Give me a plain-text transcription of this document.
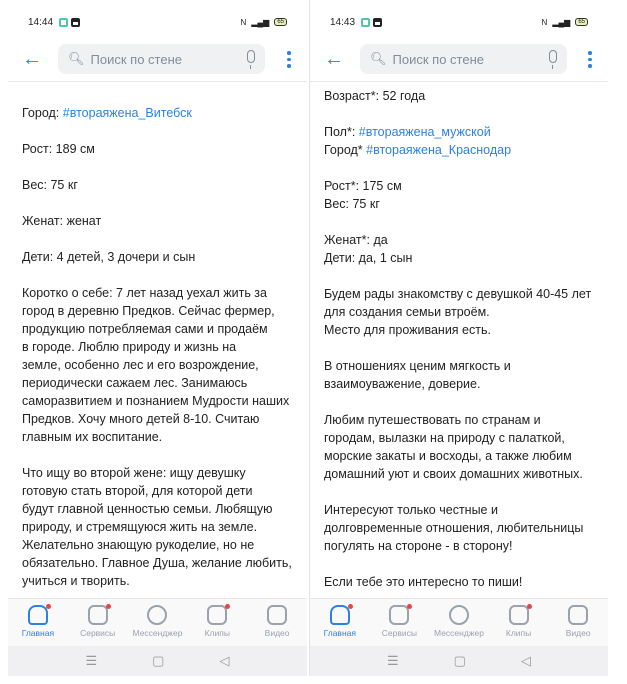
14:44	N ▂▄▆	65
← 🔍︎ Поиск по стене
Город: #втораяжена_Витебск
Рост: 189 см
Вес: 75 кг
Женат: женат
Дети: 4 детей, 3 дочери и сын
Коротко о себе: 7 лет назад уехал жить за
город в деревню Предков. Сейчас фермер,
продукцию потребляемая сами и продаём
в городе. Люблю природу и жизнь на
земле, особенно лес и его возрождение,
периодически сажаем лес. Занимаюсь
саморазвитием и познанием Мудрости наших
Предков. Хочу много детей 8-10. Считаю
главным их воспитание.
Что ищу во второй жене: ищу девушку
готовую стать второй, для которой дети
будут главной ценностью семьи. Любящую
природу, и стремящуюся жить на земле.
Желательно знающую рукоделие, но не
обязательно. Главное Душа, желание любить,
учиться и творить.
Главная	Сервисы Мессенджер	Клипы	Видео
☰	▢	◁
14:43	N ▂▄▆	65
← 🔍︎ Поиск по стене
Возраст*: 52 года
Пол*: #втораяжена_мужской
Город* #втораяжена_Краснодар
Рост*: 175 см
Вес: 75 кг
Женат*: да
Дети: да, 1 сын
Будем рады знакомству с девушкой 40-45 лет
для создания семьи втроём.
Место для проживания есть.
В отношениях ценим мягкость и
взаимоуважение, доверие.
Любим путешествовать по странам и
городам, вылазки на природу с палаткой,
морские закаты и восходы, а также любим
домашний уют и своих домашних животных.
Интересуют только честные и
долговременные отношения, любительницы
погулять на стороне - в сторону!
Если тебе это интересно то пиши!
Главная	Сервисы Мессенджер	Клипы	Видео
☰	▢	◁
